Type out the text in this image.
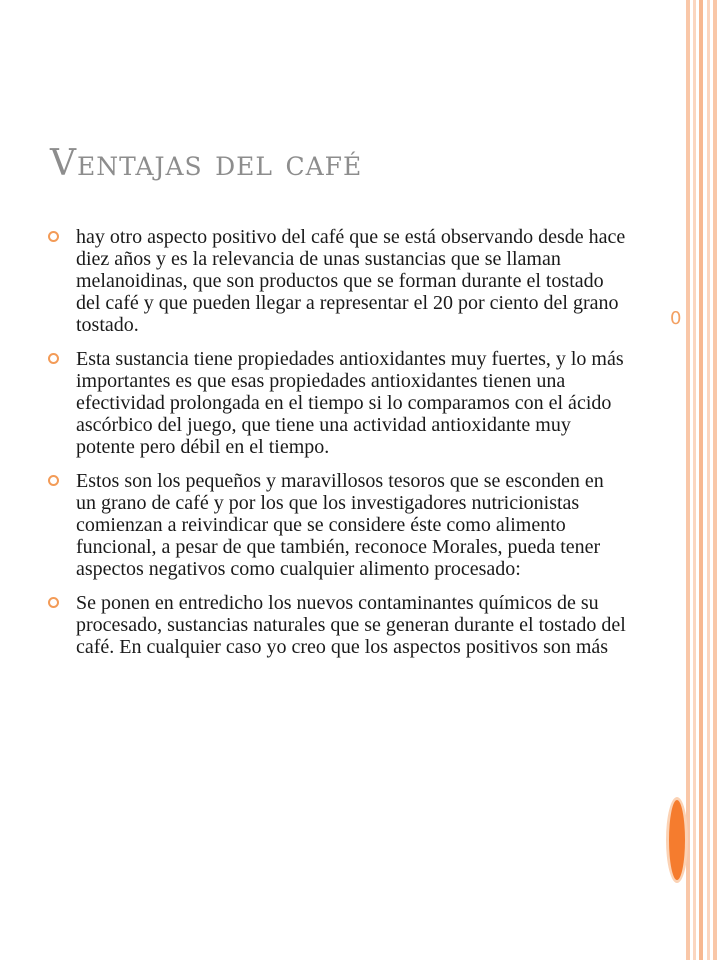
Ventajas del café
hay otro aspecto positivo del café que se está observando desde hace diez años y es la relevancia de unas sustancias que se llaman melanoidinas, que son productos que se forman durante el tostado del café y que pueden llegar a representar el 20 por ciento del grano tostado.
Esta sustancia tiene propiedades antioxidantes muy fuertes, y lo más importantes es que esas propiedades antioxidantes tienen una efectividad prolongada en el tiempo si lo comparamos con el ácido ascórbico del juego, que tiene una actividad antioxidante muy potente pero débil en el tiempo.
Estos son los pequeños y maravillosos tesoros que se esconden en un grano de café y por los que los investigadores nutricionistas comienzan a reivindicar que se considere éste como alimento funcional, a pesar de que también, reconoce Morales, pueda tener aspectos negativos como cualquier alimento procesado:
Se ponen en entredicho los nuevos contaminantes químicos de su procesado, sustancias naturales que se generan durante el tostado del café. En cualquier caso yo creo que los aspectos positivos son más
0
